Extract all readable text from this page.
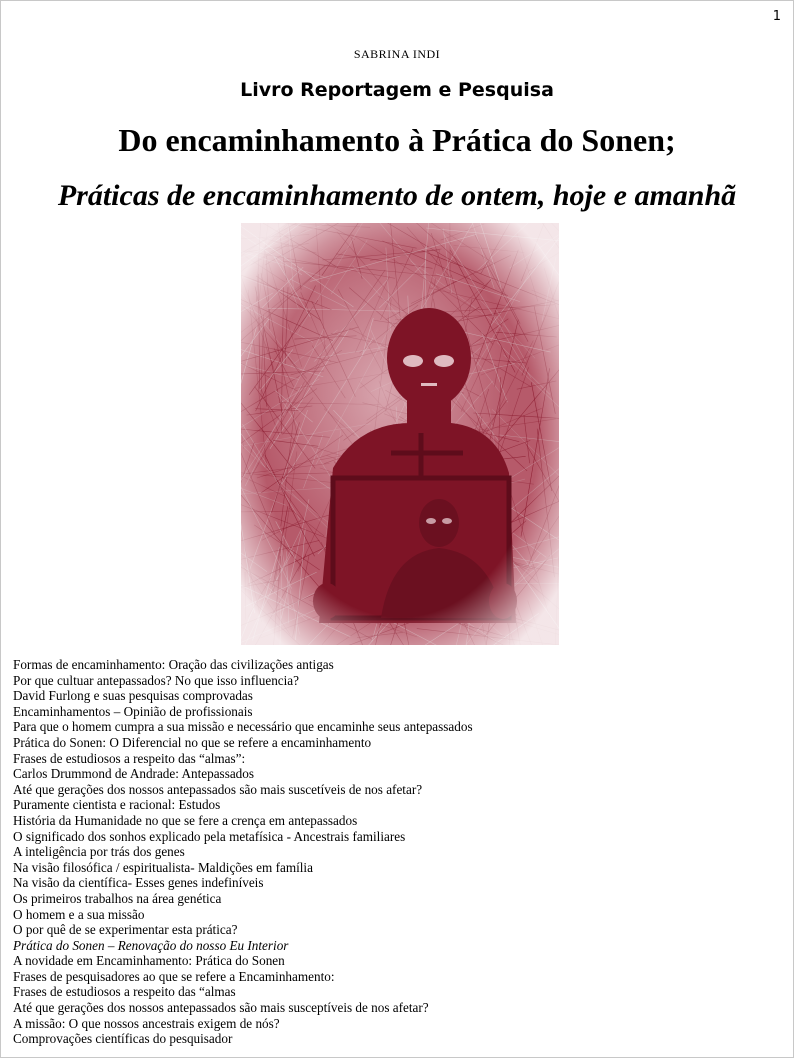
1
SABRINA INDI
Livro Reportagem e Pesquisa
Do encaminhamento à Prática do Sonen;
Práticas de encaminhamento de ontem, hoje e amanhã
Formas de encaminhamento: Oração das civilizações antigas
Por que cultuar antepassados? No que isso influencia?
David Furlong e suas pesquisas comprovadas
Encaminhamentos – Opinião de profissionais
Para que o homem cumpra a sua missão e necessário que encaminhe seus antepassados
Prática do Sonen: O Diferencial no que se refere a encaminhamento
Frases de estudiosos a respeito das “almas”:
Carlos Drummond de Andrade: Antepassados
Até que gerações dos nossos antepassados são mais suscetíveis de nos afetar?
Puramente cientista e racional: Estudos
História da Humanidade no que se fere a crença em antepassados
O significado dos sonhos explicado pela metafísica - Ancestrais familiares
A inteligência por trás dos genes
Na visão filosófica / espiritualista- Maldições em família
Na visão da científica- Esses genes indefiníveis
Os primeiros trabalhos na área genética
O homem e a sua missão
O por quê de se experimentar esta prática?
Prática do Sonen – Renovação do nosso Eu Interior
A novidade em Encaminhamento: Prática do Sonen
Frases de pesquisadores ao que se refere a Encaminhamento:
Frases de estudiosos a respeito das “almas
Até que gerações dos nossos antepassados são mais susceptíveis de nos afetar?
A missão: O que nossos ancestrais exigem de nós?
Comprovações científicas do pesquisador
